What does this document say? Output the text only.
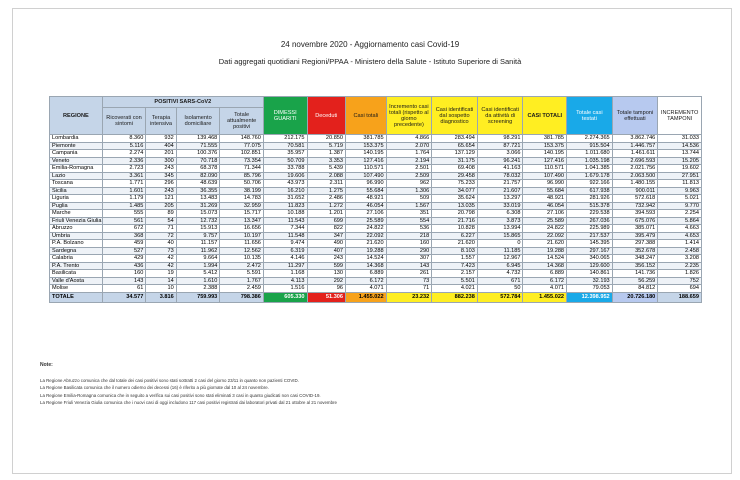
24 novembre 2020 - Aggiornamento casi Covid-19
Dati aggregati quotidiani Regioni/PPAA - Ministero della Salute - Istituto Superiore di Sanità
REGIONE	POSITIVI SARS-CoV2				DIMESSI GUARITI	Deceduti	Casi totali	Incremento casi totali (rispetto al giorno precedente)	Casi identificati dal sospetto diagnostico	Casi identificati da attività di screening	CASI TOTALI	Totale casi testati	Totale tamponi effettuati	INCREMENTO TAMPONI
	Ricoverati con sintomi	Terapia intensiva	Isolamento domiciliare	Totale attualmente positivi										
Lombardia	8.360	932	139.468	148.760	212.175	20.850	381.785	4.866	283.494	98.291	381.785	2.274.365	3.862.746	31.033
Piemonte	5.116	404	71.555	77.075	70.581	5.719	153.375	2.070	65.654	87.721	153.375	915.504	1.446.757	14.536
Campania	2.274	201	100.376	102.851	35.957	1.387	140.195	1.764	137.129	3.066	140.195	1.011.680	1.461.611	13.744
Veneto	2.336	300	70.718	73.354	50.709	3.353	127.416	2.194	31.175	96.241	127.416	1.035.198	2.696.593	15.205
Emilia-Romagna	2.723	243	68.378	71.344	33.788	5.439	110.571	2.501	69.408	41.163	110.571	1.041.385	2.021.756	19.602
Lazio	3.361	345	82.090	85.796	19.606	2.088	107.490	2.509	29.458	78.032	107.490	1.679.178	2.063.500	27.951
Toscana	1.771	296	48.639	50.706	43.973	2.311	96.990	962	75.233	21.757	96.990	922.166	1.480.155	11.813
Sicilia	1.601	243	36.355	38.199	16.210	1.275	55.684	1.306	34.077	21.607	55.684	617.938	900.011	9.963
Liguria	1.179	121	13.483	14.783	31.652	2.486	48.921	509	35.624	13.297	48.921	281.926	572.618	5.021
Puglia	1.485	205	31.269	32.959	11.823	1.272	46.054	1.567	13.035	33.019	46.054	515.378	732.942	9.770
Marche	555	89	15.073	15.717	10.188	1.201	27.106	351	20.798	6.308	27.106	229.538	394.593	2.254
Friuli Venezia Giulia	561	54	12.732	13.347	11.543	699	25.589	554	21.716	3.873	25.589	267.036	675.076	5.864
Abruzzo	672	71	15.913	16.656	7.344	822	24.822	536	10.828	13.994	24.822	225.989	385.071	4.663
Umbria	368	72	9.757	10.197	11.548	347	22.092	218	6.227	15.865	22.092	217.537	395.479	4.653
P.A. Bolzano	459	40	11.157	11.656	9.474	490	21.620	160	21.620	0	21.620	145.395	297.388	1.414
Sardegna	527	73	11.962	12.562	6.319	407	19.288	290	8.103	11.185	19.288	297.167	352.678	2.458
Calabria	429	42	9.664	10.135	4.146	243	14.524	307	1.557	12.967	14.524	340.065	348.247	3.208
P.A. Trento	436	42	1.994	2.472	11.297	599	14.368	143	7.423	6.945	14.368	129.600	356.152	2.235
Basilicata	160	19	5.412	5.591	1.168	130	6.889	261	2.157	4.732	6.889	140.861	141.736	1.826
Valle d'Aosta	143	14	1.610	1.767	4.113	292	6.172	73	5.501	671	6.172	32.193	56.259	752
Molise	61	10	2.388	2.459	1.516	96	4.071	71	4.021	50	4.071	79.053	84.812	694
TOTALE	34.577	3.816	759.993	798.386	605.330	51.306	1.455.022	23.232	882.238	572.784	1.455.022	12.398.952	20.726.180	188.659
Note:
La Regione Abruzzo comunica che dal totale dei casi positivi sono stati sottratti 2 casi del giorno 23/11 in quanto non pazienti COVID.
La Regione Basilicata comunica che il numero odierno dei decessi (16) è riferito a più giornate dal 10 al 24 novembre.
La Regione Emilia-Romagna comunica che in seguito a verifica sui casi positivi sono stati eliminati 3 casi in quanto giudicati non casi COVID-19.
La Regione Friuli Venezia Giulia comunica che i nuovi casi di oggi includono 117 casi positivi registrati dai laboratori privati dal 21 ottobre al 21 novembre
